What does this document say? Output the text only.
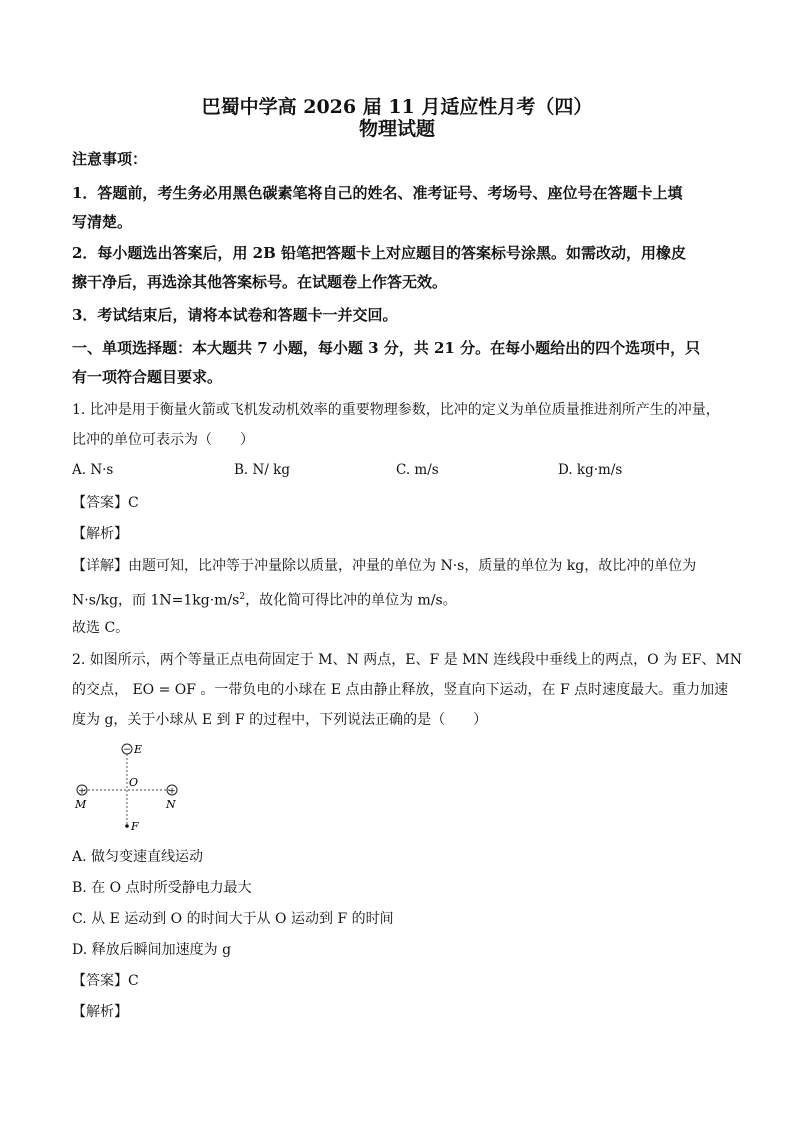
巴蜀中学高 2026 届 11 月适应性月考（四）
物理试题
注意事项：
1．答题前，考生务必用黑色碳素笔将自己的姓名、准考证号、考场号、座位号在答题卡上填
写清楚。
2．每小题选出答案后，用 2B 铅笔把答题卡上对应题目的答案标号涂黑。如需改动，用橡皮
擦干净后，再选涂其他答案标号。在试题卷上作答无效。
3．考试结束后，请将本试卷和答题卡一并交回。
一、单项选择题：本大题共 7 小题，每小题 3 分，共 21 分。在每小题给出的四个选项中，只
有一项符合题目要求。
1. 比冲是用于衡量火箭或飞机发动机效率的重要物理参数，比冲的定义为单位质量推进剂所产生的冲量，
比冲的单位可表示为（　　）
A. N·s	B. N/ kg	C. m/s	D. kg·m/s
【答案】C
【解析】
【详解】由题可知，比冲等于冲量除以质量，冲量的单位为 N·s，质量的单位为 kg，故比冲的单位为
N·s/kg，而 $1N=1kg\cdot m/s^2$，故化简可得比冲的单位为 m/s。
故选 C。
2. 如图所示，两个等量正点电荷固定于 M、N 两点，E、F 是 MN 连线段中垂线上的两点，O 为 EF、MN
的交点， EO = OF 。一带负电的小球在 E 点由静止释放，竖直向下运动，在 F 点时速度最大。重力加速
度为 g，关于小球从 E 到 F 的过程中，下列说法正确的是（　　）
− E
+
M
+
N
O
F
A. 做匀变速直线运动
B. 在 O 点时所受静电力最大
C. 从 E 运动到 O 的时间大于从 O 运动到 F 的时间
D. 释放后瞬间加速度为 g
【答案】C
【解析】
